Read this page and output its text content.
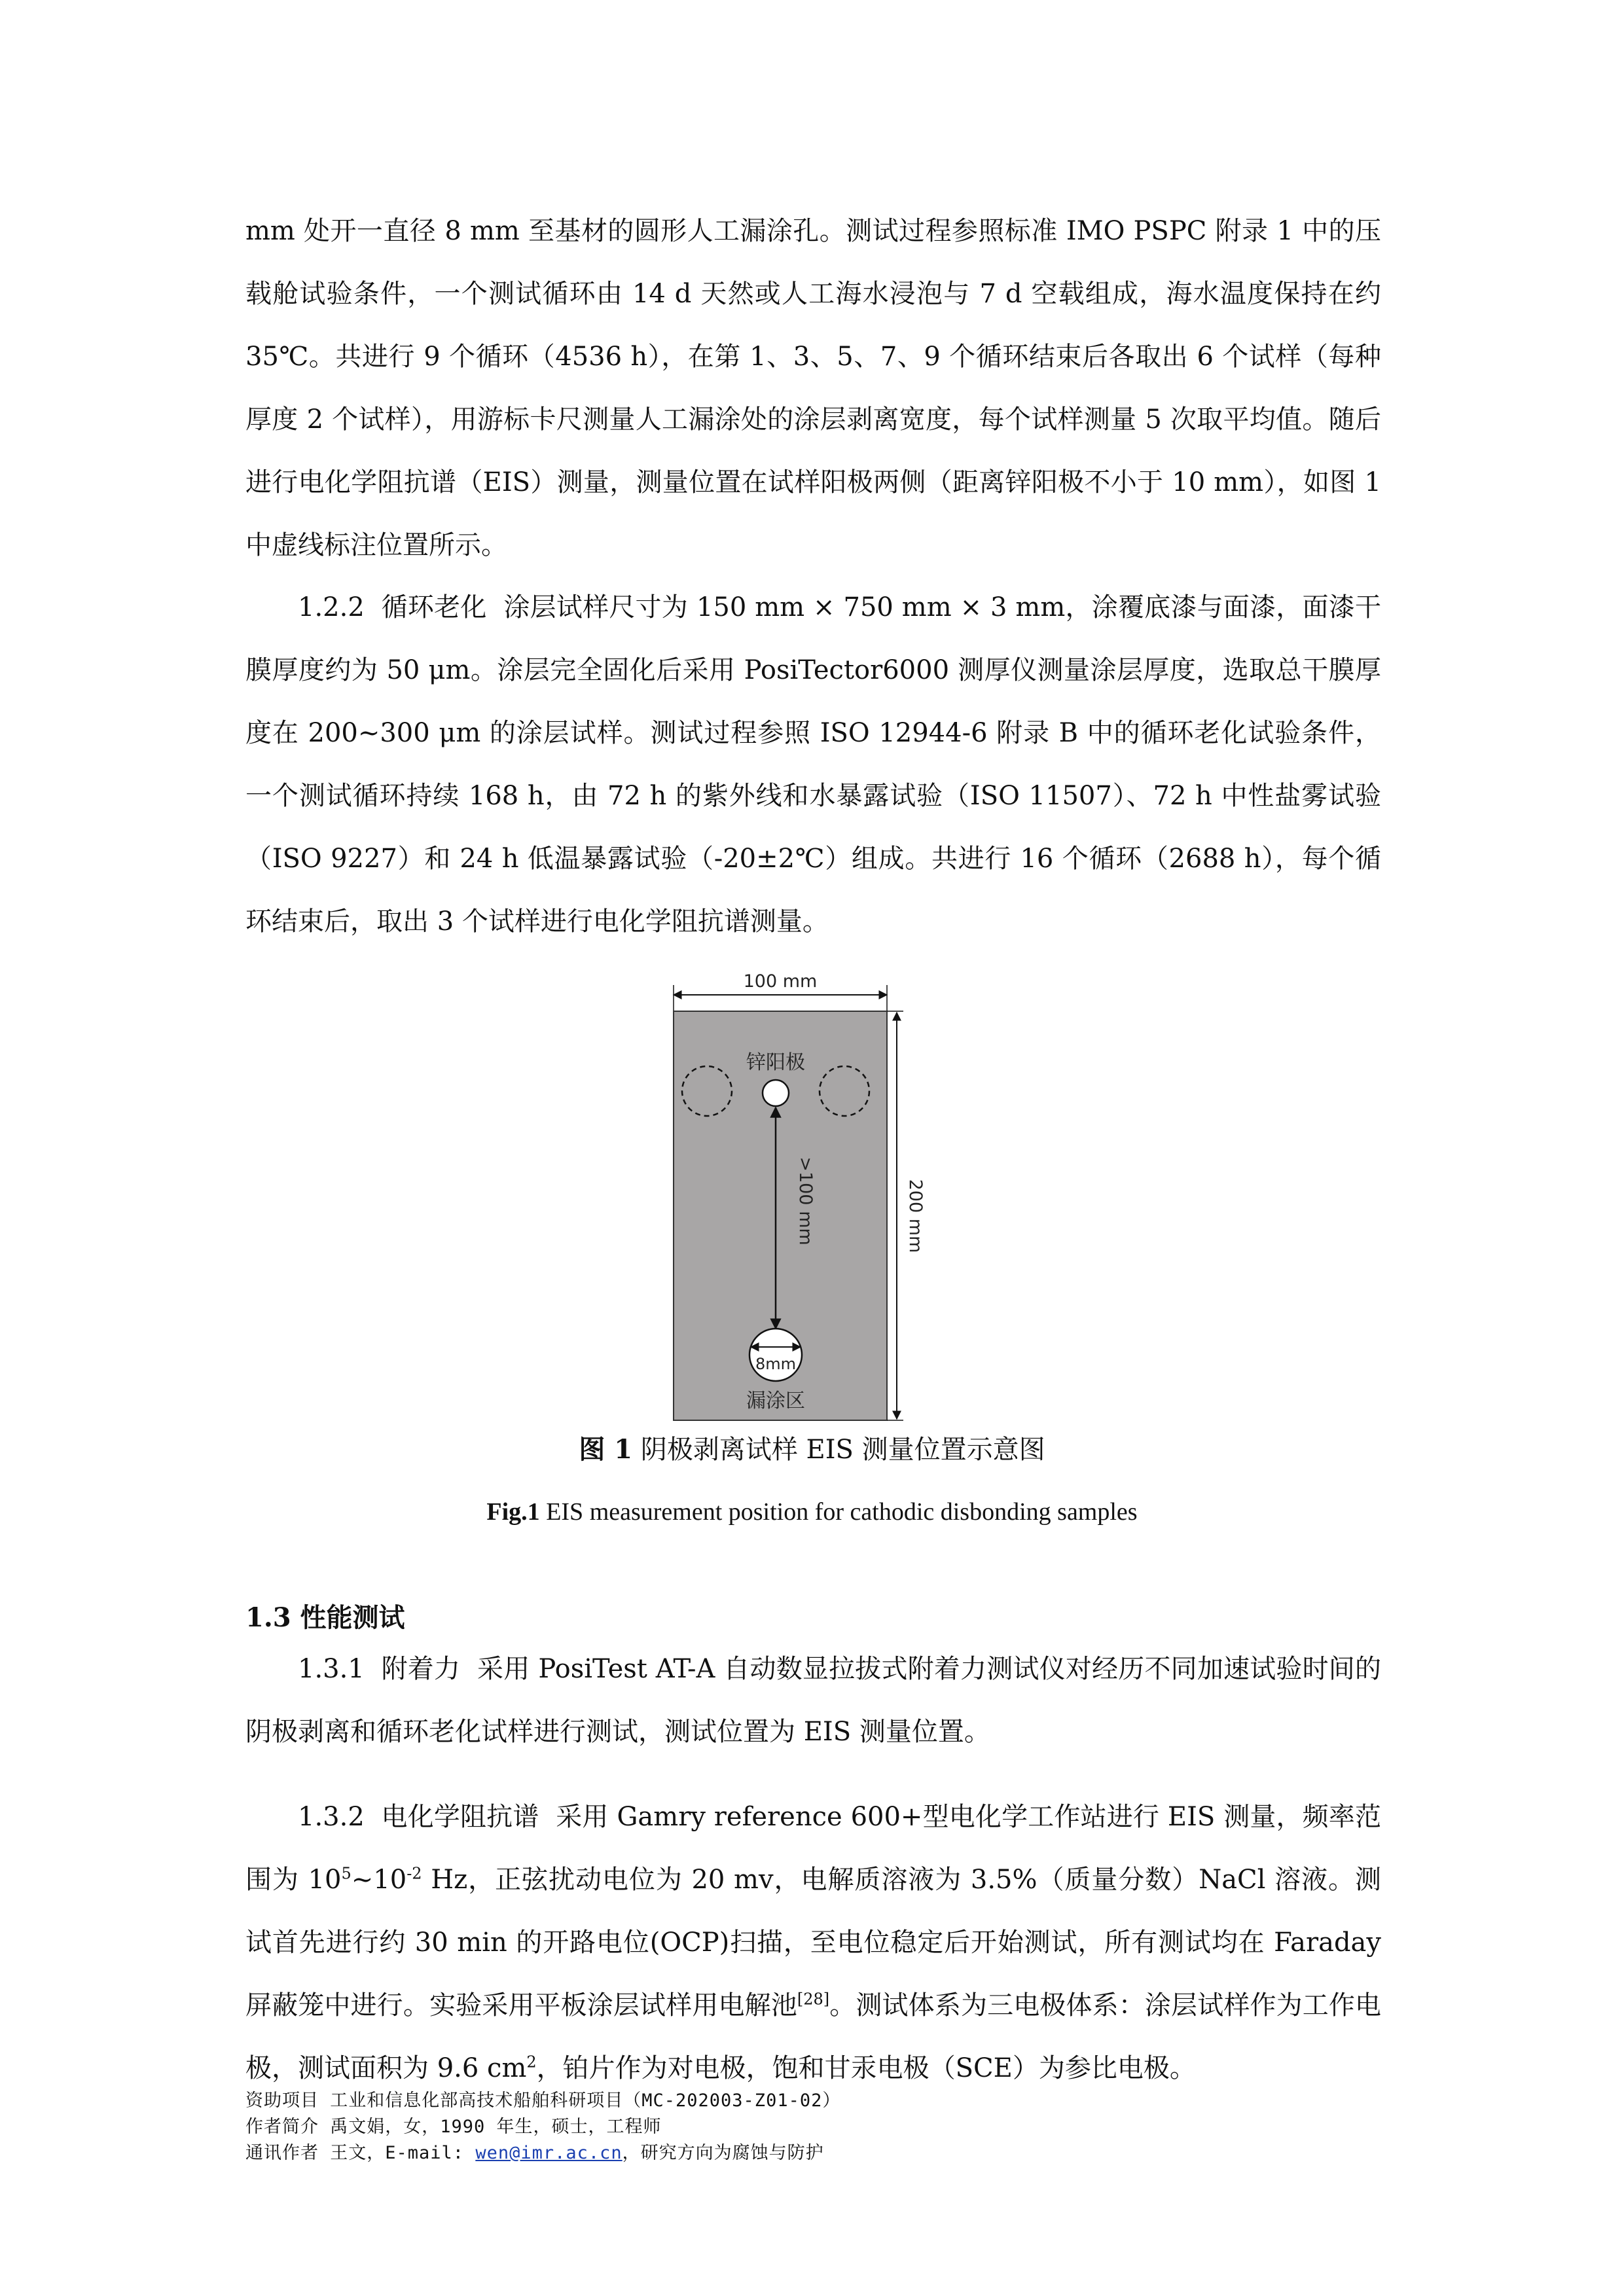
mm 处开一直径 8 mm 至基材的圆形人工漏涂孔。测试过程参照标准 IMO PSPC 附录 1 中的压载舱试验条件，一个测试循环由 14 d 天然或人工海水浸泡与 7 d 空载组成，海水温度保持在约 35℃。共进行 9 个循环（4536 h），在第 1、3、5、7、9 个循环结束后各取出 6 个试样（每种厚度 2 个试样），用游标卡尺测量人工漏涂处的涂层剥离宽度，每个试样测量 5 次取平均值。随后进行电化学阻抗谱（EIS）测量，测量位置在试样阳极两侧（距离锌阳极不小于 10 mm），如图 1 中虚线标注位置所示。

1.2.2  循环老化  涂层试样尺寸为 150 mm × 750 mm × 3 mm，涂覆底漆与面漆，面漆干膜厚度约为 50 μm。涂层完全固化后采用 PosiTector6000 测厚仪测量涂层厚度，选取总干膜厚度在 200~300 μm 的涂层试样。测试过程参照 ISO 12944-6 附录 B 中的循环老化试验条件，一个测试循环持续 168 h，由 72 h 的紫外线和水暴露试验（ISO 11507）、72 h 中性盐雾试验（ISO 9227）和 24 h 低温暴露试验（-20±2℃）组成。共进行 16 个循环（2688 h），每个循环结束后，取出 3 个试样进行电化学阻抗谱测量。

100 mm
200 mm
锌阳极
>100 mm
8mm
漏涂区

图 1 阴极剥离试样 EIS 测量位置示意图

Fig.1 EIS measurement position for cathodic disbonding samples

1.3 性能测试

1.3.1  附着力  采用 PosiTest AT-A 自动数显拉拔式附着力测试仪对经历不同加速试验时间的阴极剥离和循环老化试样进行测试，测试位置为 EIS 测量位置。

1.3.2  电化学阻抗谱  采用 Gamry reference 600+型电化学工作站进行 EIS 测量，频率范围为 $10^5\sim 10^{-2}$ Hz，正弦扰动电位为 20 mv，电解质溶液为 3.5%（质量分数）NaCl 溶液。测试首先进行约 30 min 的开路电位(OCP)扫描，至电位稳定后开始测试，所有测试均在 Faraday 屏蔽笼中进行。实验采用平板涂层试样用电解池[28]。测试体系为三电极体系：涂层试样作为工作电极，测试面积为 9.6 $cm^2$，铂片作为对电极，饱和甘汞电极（SCE）为参比电极。

资助项目 工业和信息化部高技术船舶科研项目（MC-202003-Z01-02）

作者简介 禹文娟，女，1990 年生，硕士，工程师

通讯作者 王文，E-mail: wen@imr.ac.cn，研究方向为腐蚀与防护
